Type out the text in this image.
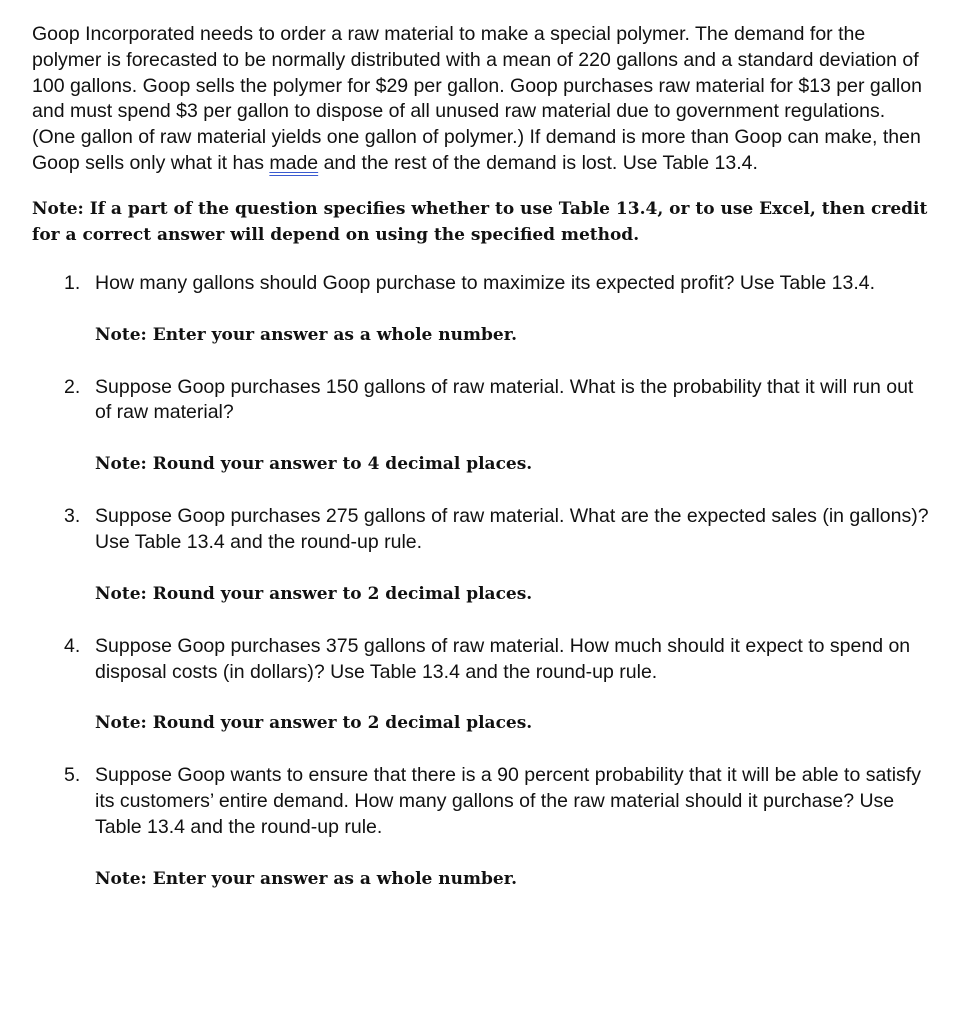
Goop Incorporated needs to order a raw material to make a special polymer. The demand for the polymer is forecasted to be normally distributed with a mean of 220 gallons and a standard deviation of 100 gallons. Goop sells the polymer for $29 per gallon. Goop purchases raw material for $13 per gallon and must spend $3 per gallon to dispose of all unused raw material due to government regulations. (One gallon of raw material yields one gallon of polymer.) If demand is more than Goop can make, then Goop sells only what it has made and the rest of the demand is lost. Use Table 13.4.

Note: If a part of the question specifies whether to use Table 13.4, or to use Excel, then credit for a correct answer will depend on using the specified method.

1. How many gallons should Goop purchase to maximize its expected profit? Use Table 13.4.

Note: Enter your answer as a whole number.

2. Suppose Goop purchases 150 gallons of raw material. What is the probability that it will run out of raw material?

Note: Round your answer to 4 decimal places.

3. Suppose Goop purchases 275 gallons of raw material. What are the expected sales (in gallons)? Use Table 13.4 and the round-up rule.

Note: Round your answer to 2 decimal places.

4. Suppose Goop purchases 375 gallons of raw material. How much should it expect to spend on disposal costs (in dollars)? Use Table 13.4 and the round-up rule.

Note: Round your answer to 2 decimal places.

5. Suppose Goop wants to ensure that there is a 90 percent probability that it will be able to satisfy its customers’ entire demand. How many gallons of the raw material should it purchase? Use Table 13.4 and the round-up rule.

Note: Enter your answer as a whole number.
